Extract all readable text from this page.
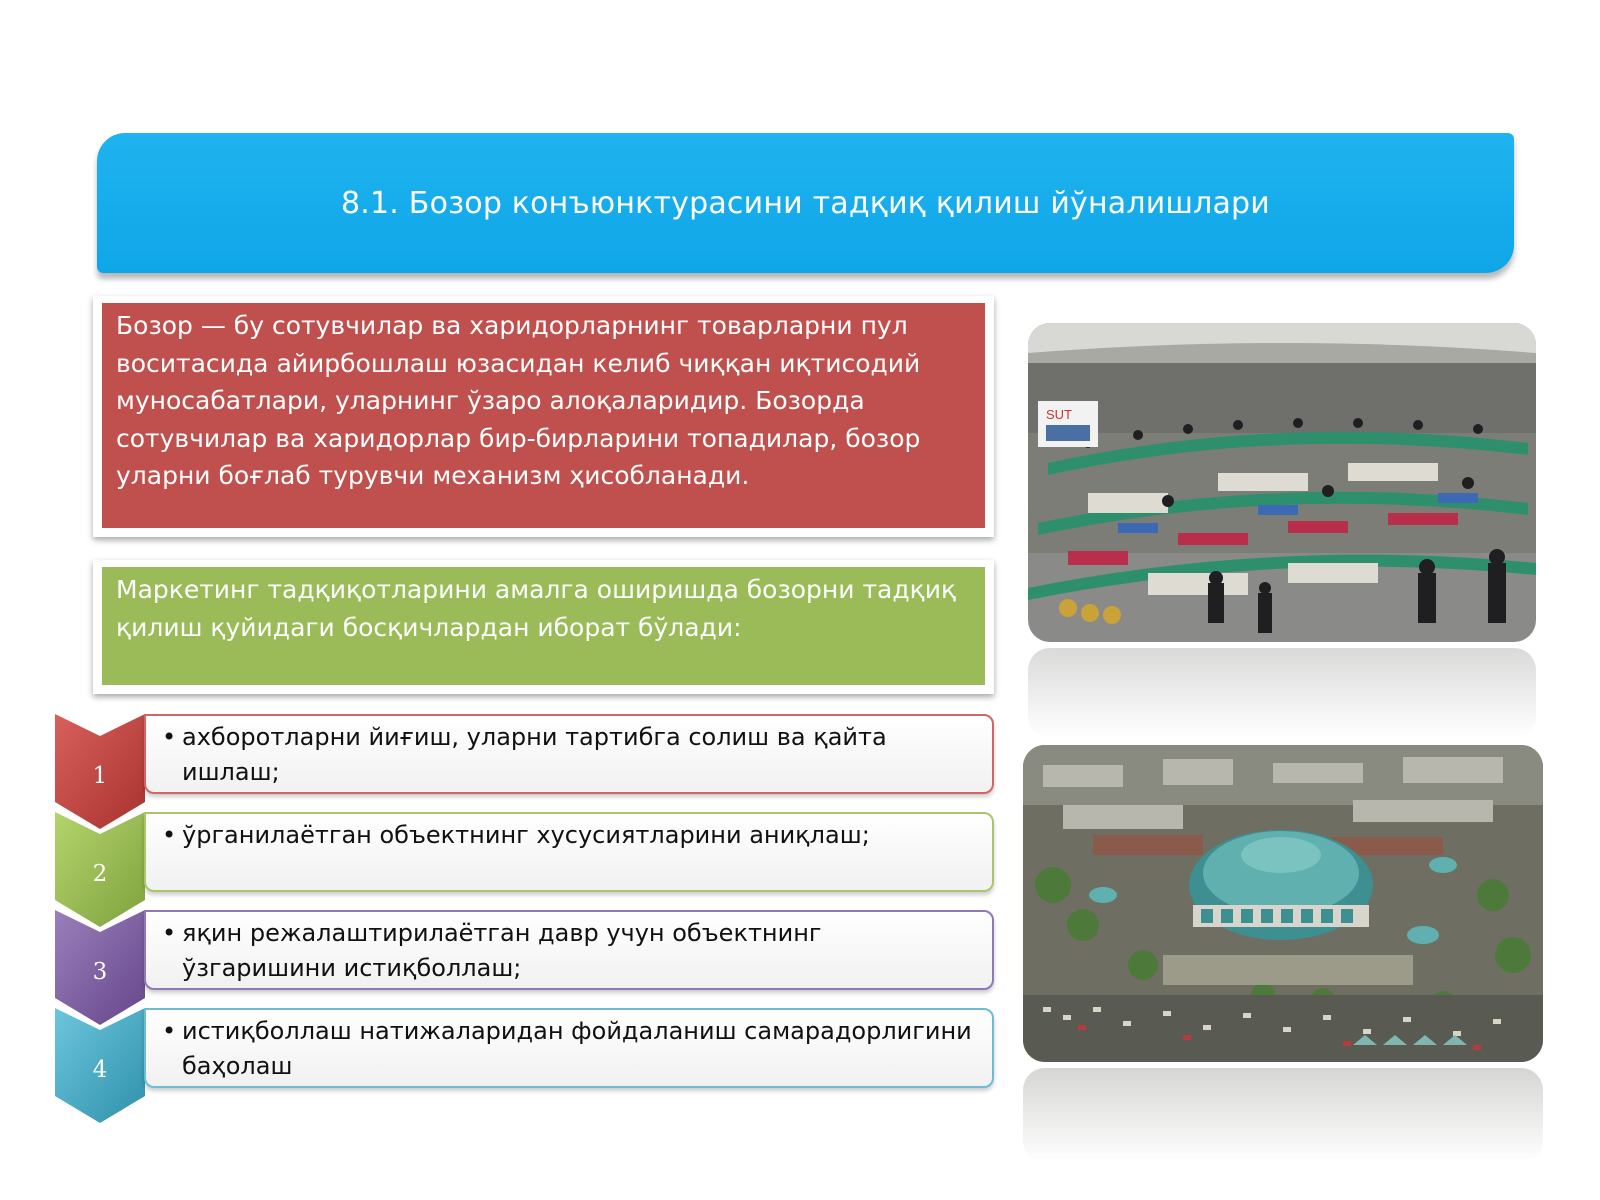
8.1. Бозор конъюнктурасини тадқиқ қилиш йўналишлари
Бозор — бу сотувчилар ва харидорларнинг товарларни пул воситасида айирбошлаш юзасидан келиб чиққан иқтисодий муносабатлари, уларнинг ўзаро алоқаларидир. Бозорда сотувчилар ва харидорлар бир-бирларини топадилар, бозор уларни боғлаб турувчи механизм ҳисобланади.
Маркетинг тадқиқотларини амалга оширишда бозорни тадқиқ қилиш қуйидаги босқичлардан иборат бўлади:
1
• ахборотларни йиғиш, уларни тартибга солиш ва қайта ишлаш;
2
• ўрганилаётган объектнинг хусусиятларини аниқлаш;
3
• яқин режалаштирилаётган давр учун объектнинг ўзгаришини истиқболлаш;
4
• истиқболлаш натижаларидан фойдаланиш самарадорлигини баҳолаш
SUT
